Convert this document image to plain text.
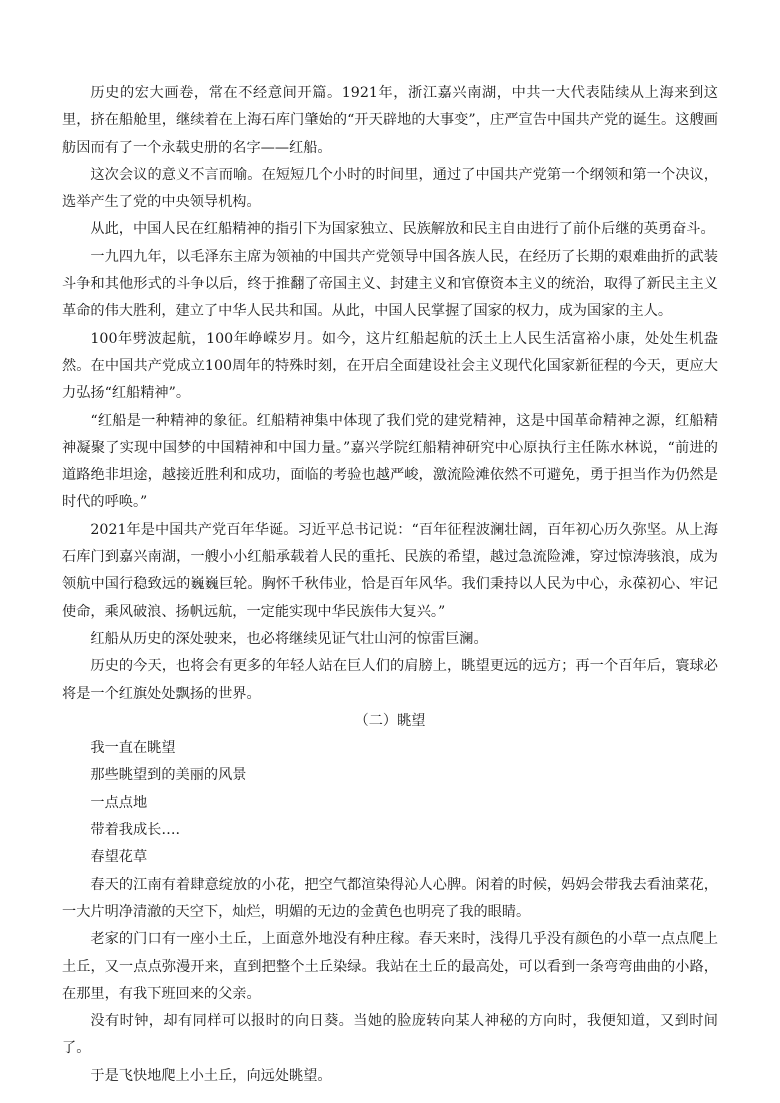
历史的宏大画卷，常在不经意间开篇。1921年，浙江嘉兴南湖，中共一大代表陆续从上海来到这里，挤在船舱里，继续着在上海石库门肇始的“开天辟地的大事变”，庄严宣告中国共产党的诞生。这艘画舫因而有了一个永载史册的名字——红船。

这次会议的意义不言而喻。在短短几个小时的时间里，通过了中国共产党第一个纲领和第一个决议，选举产生了党的中央领导机构。

从此，中国人民在红船精神的指引下为国家独立、民族解放和民主自由进行了前仆后继的英勇奋斗。

一九四九年，以毛泽东主席为领袖的中国共产党领导中国各族人民，在经历了长期的艰难曲折的武装斗争和其他形式的斗争以后，终于推翻了帝国主义、封建主义和官僚资本主义的统治，取得了新民主主义革命的伟大胜利，建立了中华人民共和国。从此，中国人民掌握了国家的权力，成为国家的主人。

100年劈波起航，100年峥嵘岁月。如今，这片红船起航的沃土上人民生活富裕小康，处处生机盎然。在中国共产党成立100周年的特殊时刻，在开启全面建设社会主义现代化国家新征程的今天，更应大力弘扬“红船精神”。

“红船是一种精神的象征。红船精神集中体现了我们党的建党精神，这是中国革命精神之源，红船精神凝聚了实现中国梦的中国精神和中国力量。”嘉兴学院红船精神研究中心原执行主任陈水林说，“前进的道路绝非坦途，越接近胜利和成功，面临的考验也越严峻，激流险滩依然不可避免，勇于担当作为仍然是时代的呼唤。”

2021年是中国共产党百年华诞。习近平总书记说：“百年征程波澜壮阔，百年初心历久弥坚。从上海石库门到嘉兴南湖，一艘小小红船承载着人民的重托、民族的希望，越过急流险滩，穿过惊涛骇浪，成为领航中国行稳致远的巍巍巨轮。胸怀千秋伟业，恰是百年风华。我们秉持以人民为中心，永葆初心、牢记使命，乘风破浪、扬帆远航，一定能实现中华民族伟大复兴。”

红船从历史的深处驶来，也必将继续见证气壮山河的惊雷巨澜。

历史的今天，也将会有更多的年轻人站在巨人们的肩膀上，眺望更远的远方；再一个百年后，寰球必将是一个红旗处处飘扬的世界。

（二）眺望

我一直在眺望

那些眺望到的美丽的风景

一点点地

带着我成长….

春望花草

春天的江南有着肆意绽放的小花，把空气都渲染得沁人心脾。闲着的时候，妈妈会带我去看油菜花，一大片明净清澈的天空下，灿烂，明媚的无边的金黄色也明亮了我的眼睛。

老家的门口有一座小土丘，上面意外地没有种庄稼。春天来时，浅得几乎没有颜色的小草一点点爬上土丘，又一点点弥漫开来，直到把整个土丘染绿。我站在土丘的最高处，可以看到一条弯弯曲曲的小路，在那里，有我下班回来的父亲。

没有时钟，却有同样可以报时的向日葵。当她的脸庞转向某人神秘的方向时，我便知道，又到时间了。

于是飞快地爬上小土丘，向远处眺望。
